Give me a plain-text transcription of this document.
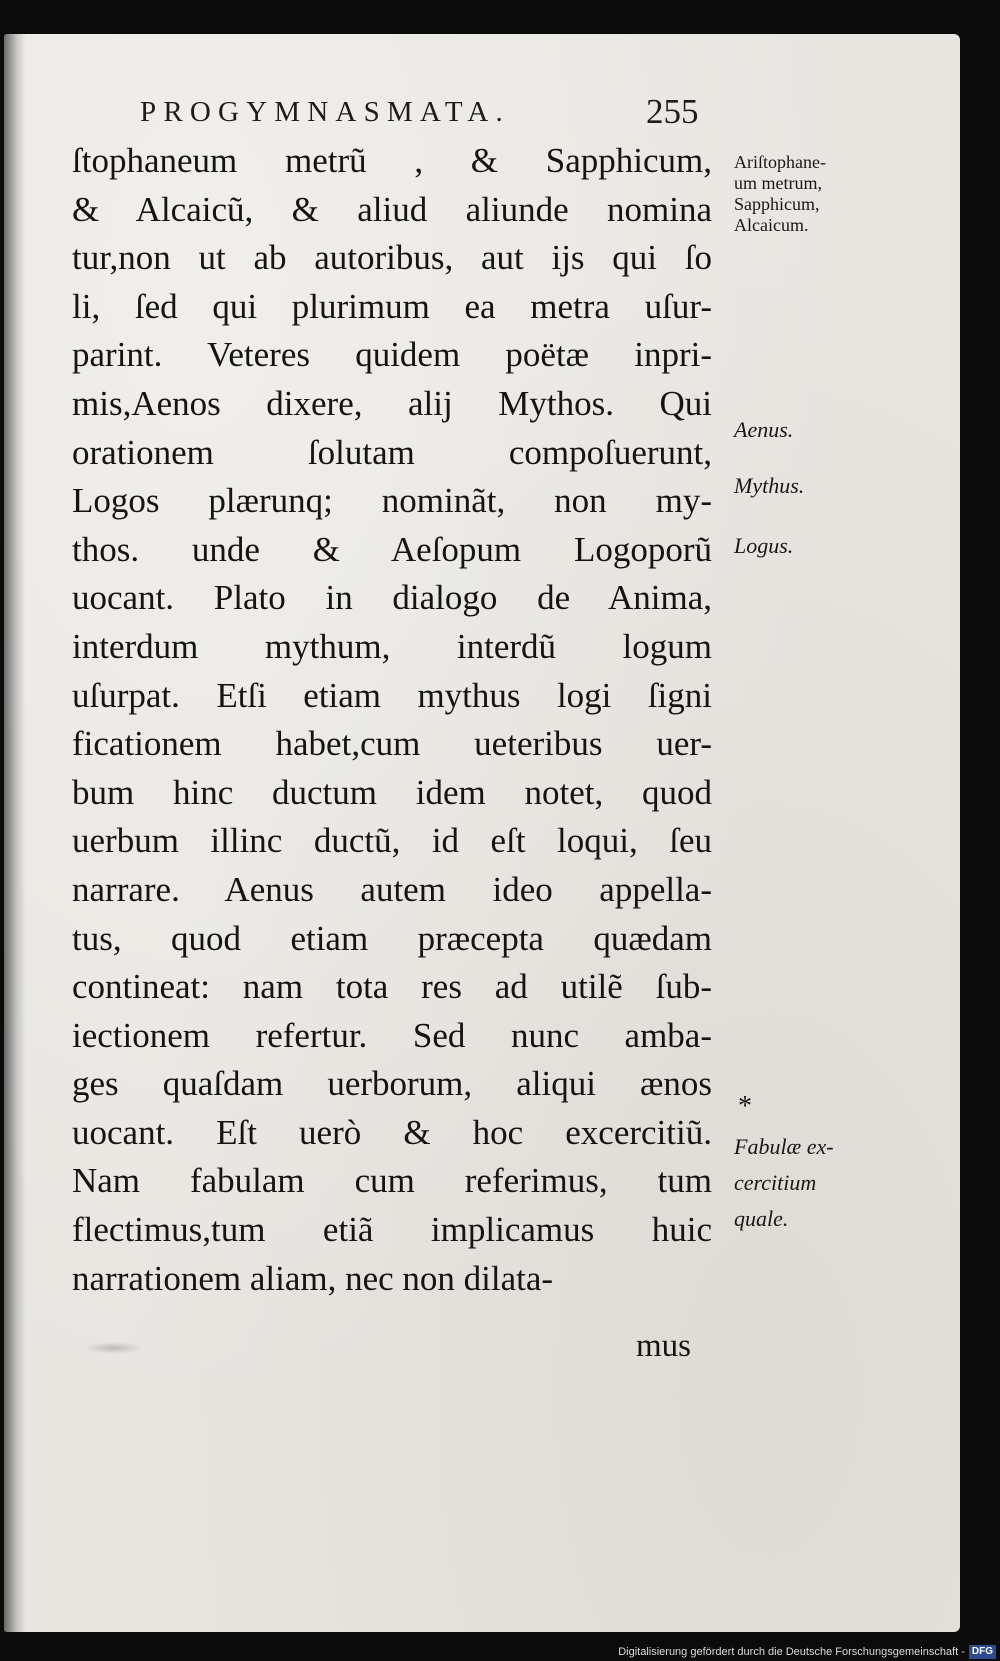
PROGYMNASMATA.	255
ſtophaneum metrũ , & Sapphicum,
& Alcaicũ, & aliud aliunde nomina
tur,non ut ab autoribus, aut ijs qui ſo
li, ſed qui plurimum ea metra uſur-
parint. Veteres quidem poëtæ inpri-
mis,Aenos dixere, alij Mythos. Qui
orationem ſolutam compoſuerunt,
Logos plærunq; nominãt, non my-
thos. unde & Aeſopum Logoporũ
uocant. Plato in dialogo de Anima,
interdum mythum, interdũ logum
uſurpat. Etſi etiam mythus logi ſigni
ficationem habet,cum ueteribus uer-
bum hinc ductum idem notet, quod
uerbum illinc ductũ, id eſt loqui, ſeu
narrare. Aenus autem ideo appella-
tus, quod etiam præcepta quædam
contineat: nam tota res ad utilẽ ſub-
iectionem refertur. Sed nunc amba-
ges quaſdam uerborum, aliqui ænos
uocant. Eſt uerò & hoc excercitiũ.
Nam fabulam cum referimus, tum
flectimus,tum etiã implicamus huic
narrationem aliam, nec non dilata-
mus
Ariſtophane-
um metrum,
Sapphicum,
Alcaicum.
Aenus.
Mythus.
Logus.
*
Fabulæ ex-
cercitium
quale.
Digitalisierung gefördert durch die Deutsche Forschungsgemeinschaft - DFG
